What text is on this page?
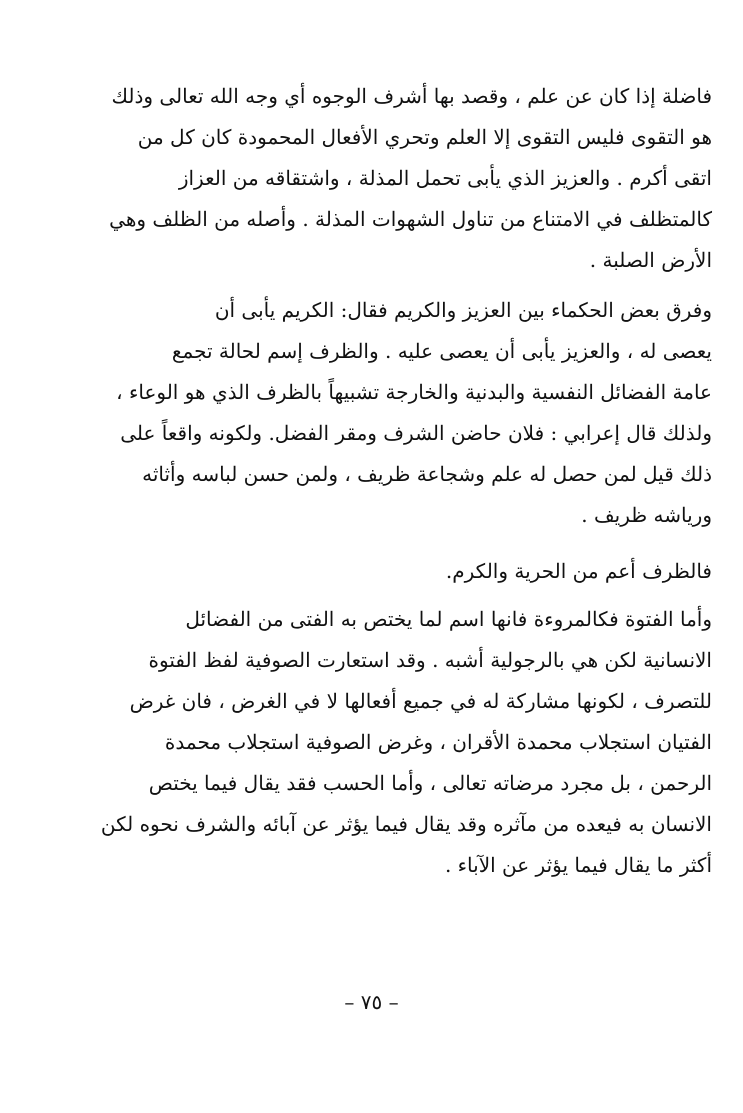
فاضلة إذا كان عن علم ، وقصد بها أشرف الوجوه أي وجه الله تعالى وذلك
هو التقوى فليس التقوى إلا العلم وتحري الأفعال المحمودة كان كل من
اتقى أكرم . والعزيز الذي يأبى تحمل المذلة ، واشتقاقه من العزاز
كالمتظلف في الامتناع من تناول الشهوات المذلة . وأصله من الظلف وهي
الأرض الصلبة .
وفرق بعض الحكماء بين العزيز والكريم فقال: الكريم يأبى أن
يعصى له ، والعزيز يأبى أن يعصى عليه . والظرف إسم لحالة تجمع
عامة الفضائل النفسية والبدنية والخارجة تشبيهاً بالظرف الذي هو الوعاء ،
ولذلك قال إعرابي : فلان حاضن الشرف ومقر الفضل. ولكونه واقعاً على
ذلك قيل لمن حصل له علم وشجاعة ظريف ، ولمن حسن لباسه وأثاثه
ورياشه ظريف .
فالظرف أعم من الحرية والكرم.
وأما الفتوة فكالمروءة فانها اسم لما يختص به الفتى من الفضائل
الانسانية لكن هي بالرجولية أشبه . وقد استعارت الصوفية لفظ الفتوة
للتصرف ، لكونها مشاركة له في جميع أفعالها لا في الغرض ، فان غرض
الفتيان استجلاب محمدة الأقران ، وغرض الصوفية استجلاب محمدة
الرحمن ، بل مجرد مرضاته تعالى ، وأما الحسب فقد يقال فيما يختص
الانسان به فيعده من مآثره وقد يقال فيما يؤثر عن آبائه والشرف نحوه لكن
أكثر ما يقال فيما يؤثر عن الآباء .
– ٧٥ –
